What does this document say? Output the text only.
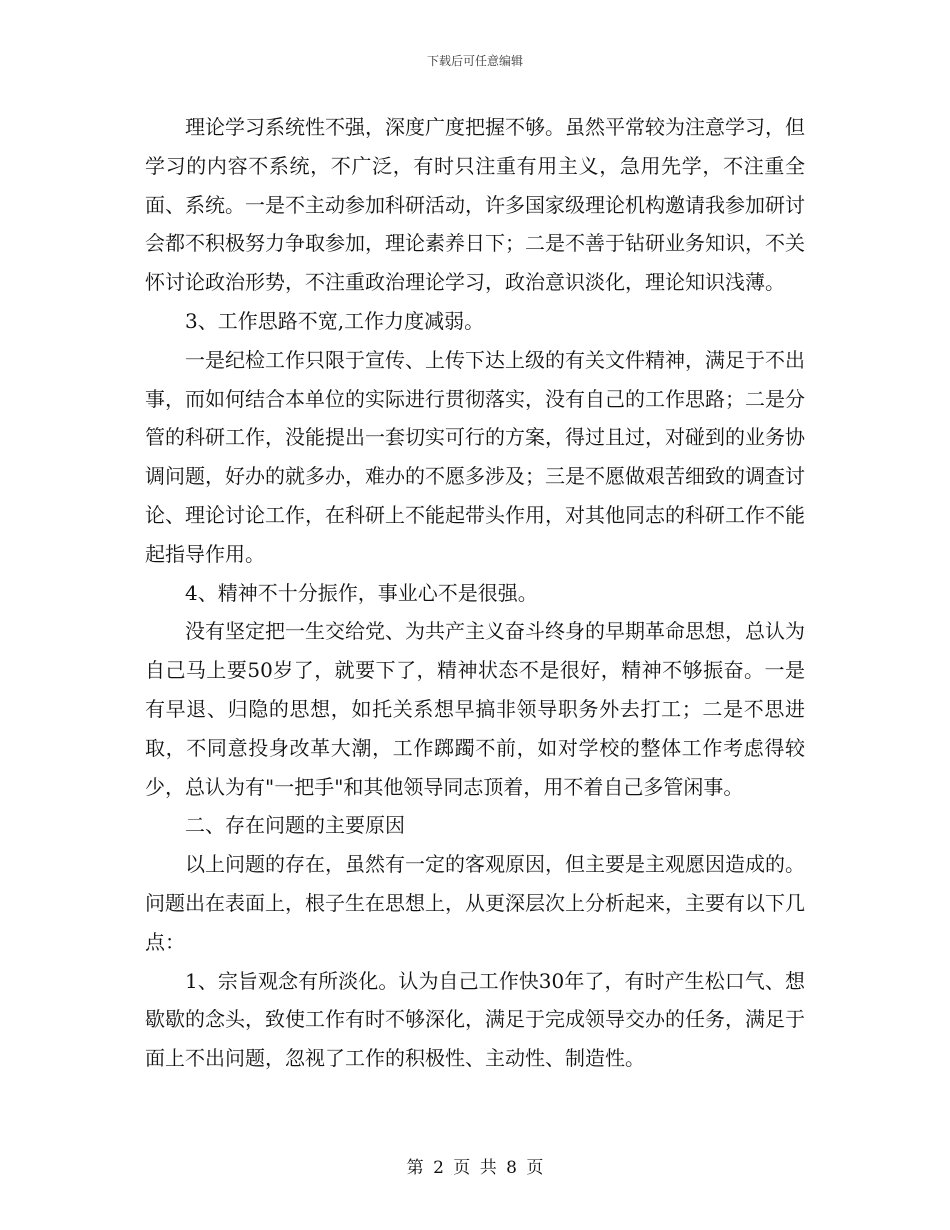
下载后可任意编辑

理论学习系统性不强，深度广度把握不够。虽然平常较为注意学习，但学习的内容不系统，不广泛，有时只注重有用主义，急用先学，不注重全面、系统。一是不主动参加科研活动，许多国家级理论机构邀请我参加研讨会都不积极努力争取参加，理论素养日下；二是不善于钻研业务知识，不关怀讨论政治形势，不注重政治理论学习，政治意识淡化，理论知识浅薄。

3、工作思路不宽,工作力度减弱。

一是纪检工作只限于宣传、上传下达上级的有关文件精神，满足于不出事，而如何结合本单位的实际进行贯彻落实，没有自己的工作思路；二是分管的科研工作，没能提出一套切实可行的方案，得过且过，对碰到的业务协调问题，好办的就多办，难办的不愿多涉及；三是不愿做艰苦细致的调查讨论、理论讨论工作，在科研上不能起带头作用，对其他同志的科研工作不能起指导作用。

4、精神不十分振作，事业心不是很强。

没有坚定把一生交给党、为共产主义奋斗终身的早期革命思想，总认为自己马上要50岁了，就要下了，精神状态不是很好，精神不够振奋。一是有早退、归隐的思想，如托关系想早搞非领导职务外去打工；二是不思进取，不同意投身改革大潮，工作踯躅不前，如对学校的整体工作考虑得较少，总认为有"一把手"和其他领导同志顶着，用不着自己多管闲事。

二、存在问题的主要原因

以上问题的存在，虽然有一定的客观原因，但主要是主观愿因造成的。问题出在表面上，根子生在思想上，从更深层次上分析起来，主要有以下几点：

1、宗旨观念有所淡化。认为自己工作快30年了，有时产生松口气、想歇歇的念头，致使工作有时不够深化，满足于完成领导交办的任务，满足于面上不出问题，忽视了工作的积极性、主动性、制造性。

第 2 页 共 8 页
